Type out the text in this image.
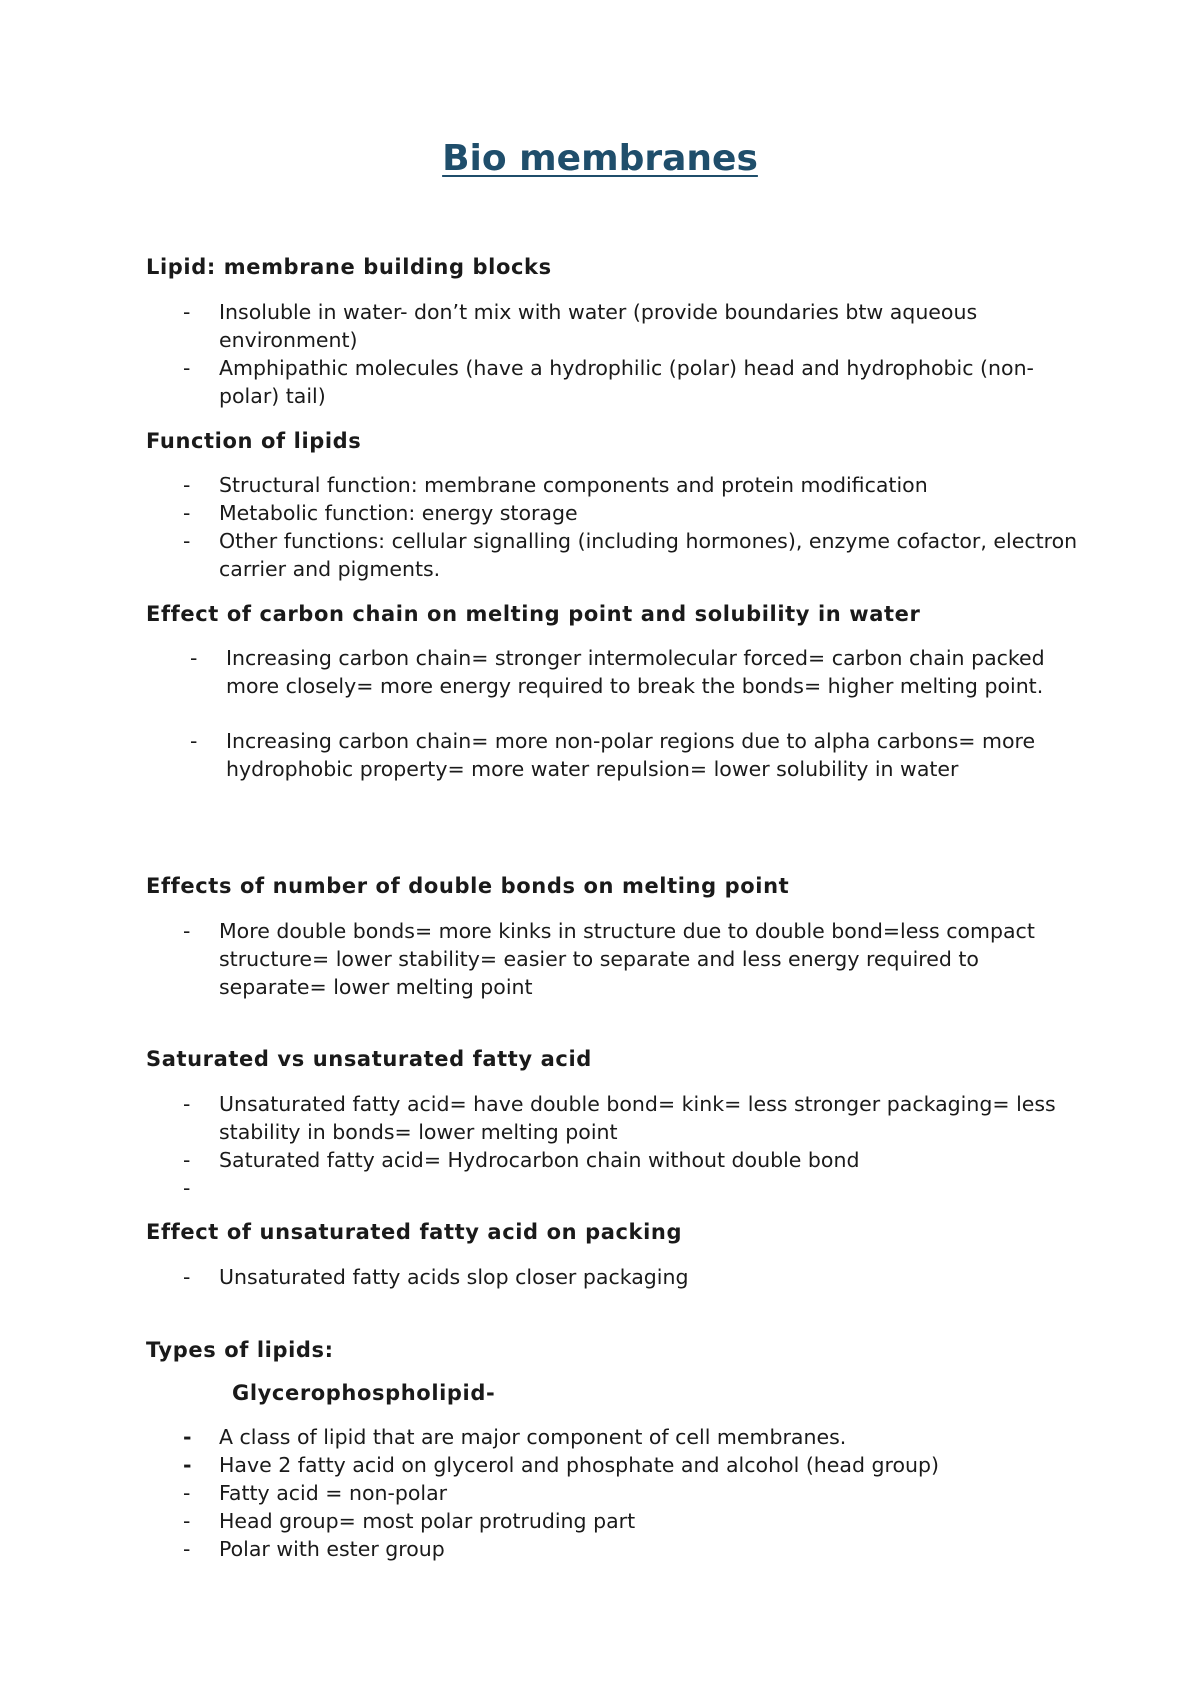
Bio membranes

Lipid: membrane building blocks

- Insoluble in water- don’t mix with water (provide boundaries btw aqueous environment)
- Amphipathic molecules (have a hydrophilic (polar) head and hydrophobic (non-polar) tail)

Function of lipids

- Structural function: membrane components and protein modification
- Metabolic function: energy storage
- Other functions: cellular signalling (including hormones), enzyme cofactor, electron carrier and pigments.

Effect of carbon chain on melting point and solubility in water

- Increasing carbon chain= stronger intermolecular forced= carbon chain packed more closely= more energy required to break the bonds= higher melting point.
- Increasing carbon chain= more non-polar regions due to alpha carbons= more hydrophobic property= more water repulsion= lower solubility in water

Effects of number of double bonds on melting point

- More double bonds= more kinks in structure due to double bond=less compact structure= lower stability= easier to separate and less energy required to separate= lower melting point

Saturated vs unsaturated fatty acid

- Unsaturated fatty acid= have double bond= kink= less stronger packaging= less stability in bonds= lower melting point
- Saturated fatty acid= Hydrocarbon chain without double bond
-

Effect of unsaturated fatty acid on packing

- Unsaturated fatty acids slop closer packaging

Types of lipids:

Glycerophospholipid-

- A class of lipid that are major component of cell membranes.
- Have 2 fatty acid on glycerol and phosphate and alcohol (head group)
- Fatty acid = non-polar
- Head group= most polar protruding part
- Polar with ester group
